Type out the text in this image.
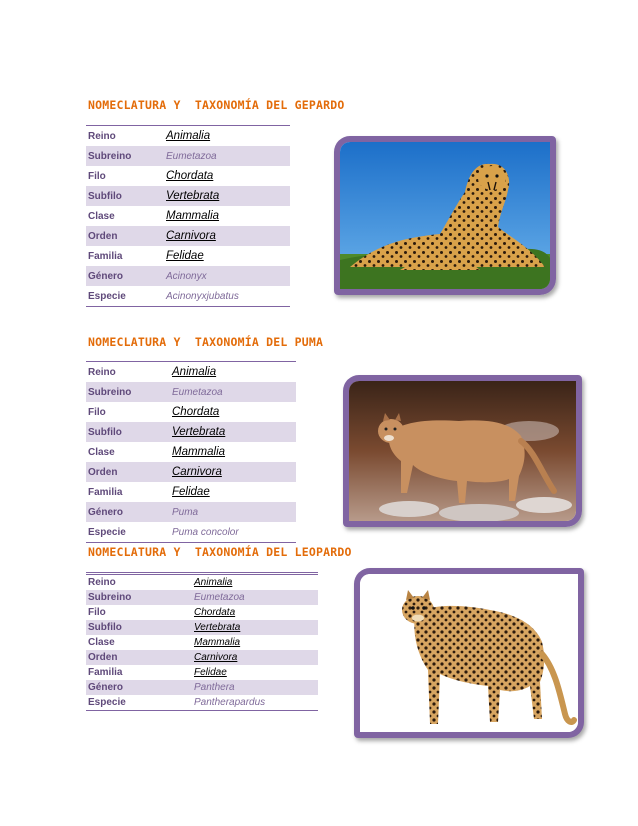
NOMECLATURA Y  TAXONOMÍA DEL GEPARDO
Reino	Animalia
Subreino	Eumetazoa
Filo	Chordata
Subfilo	Vertebrata
Clase	Mammalia
Orden	Carnivora
Familia	Felidae
Género	Acinonyx
Especie	Acinonyxjubatus
NOMECLATURA Y  TAXONOMÍA DEL PUMA
Reino	Animalia
Subreino	Eumetazoa
Filo	Chordata
Subfilo	Vertebrata
Clase	Mammalia
Orden	Carnivora
Familia	Felidae
Género	Puma
Especie	Puma concolor
NOMECLATURA Y  TAXONOMÍA DEL LEOPARDO
Reino	Animalia
Subreino	Eumetazoa
Filo	Chordata
Subfilo	Vertebrata
Clase	Mammalia
Orden	Carnivora
Familia	Felidae
Género	Panthera
Especie	Pantherapardus
